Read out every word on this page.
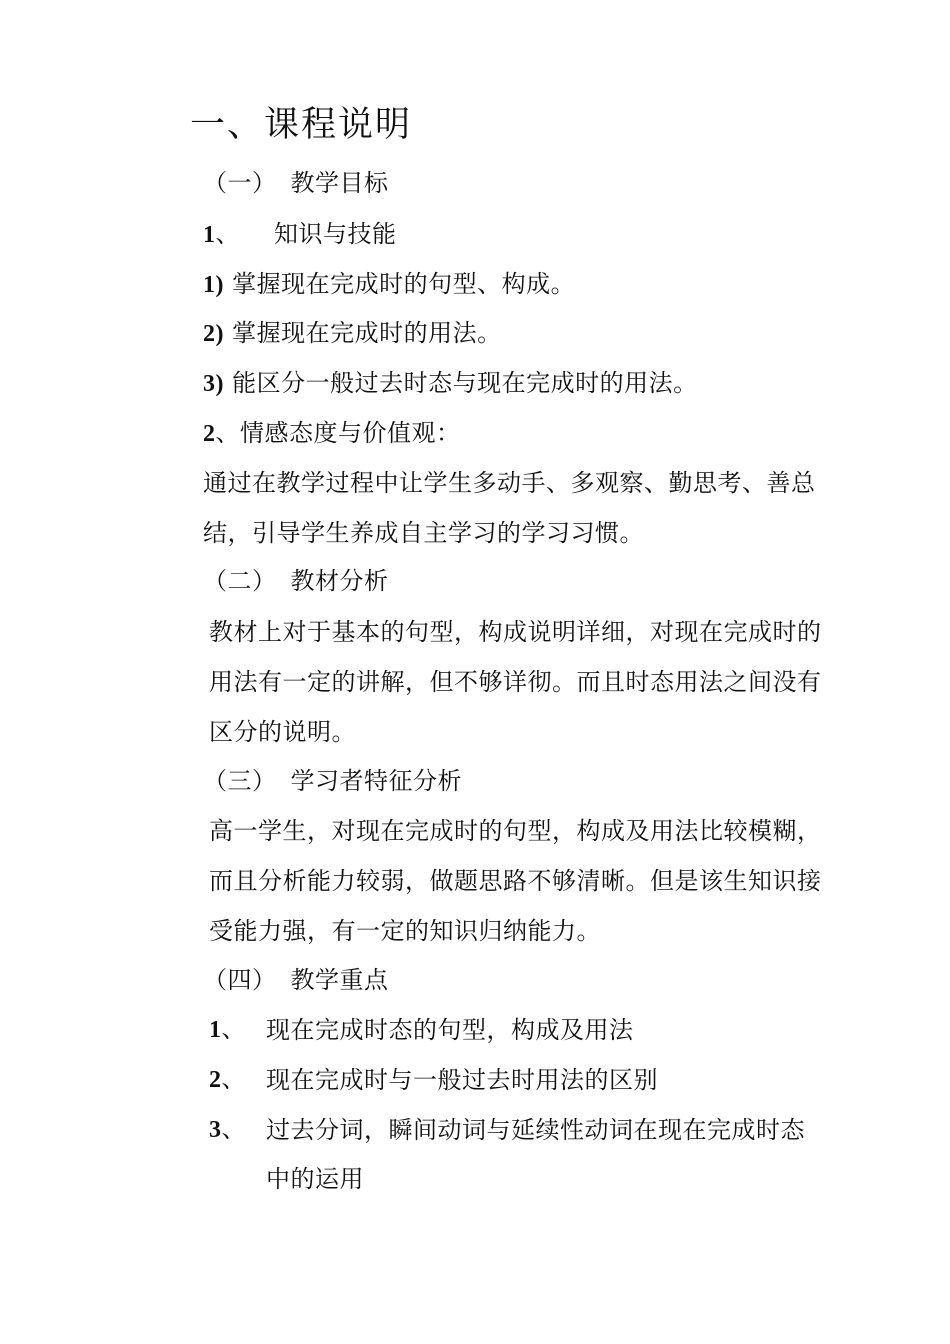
一、课程说明
（一） 教学目标
1、 知识与技能
1) 掌握现在完成时的句型、构成。
2) 掌握现在完成时的用法。
3) 能区分一般过去时态与现在完成时的用法。
2、情感态度与价值观：
通过在教学过程中让学生多动手、多观察、勤思考、善总
结，引导学生养成自主学习的学习习惯。
（二） 教材分析
教材上对于基本的句型，构成说明详细，对现在完成时的
用法有一定的讲解，但不够详彻。而且时态用法之间没有
区分的说明。
（三） 学习者特征分析
高一学生，对现在完成时的句型，构成及用法比较模糊，
而且分析能力较弱，做题思路不够清晰。但是该生知识接
受能力强，有一定的知识归纳能力。
（四） 教学重点
1、 现在完成时态的句型，构成及用法
2、 现在完成时与一般过去时用法的区别
3、 过去分词，瞬间动词与延续性动词在现在完成时态
中的运用
